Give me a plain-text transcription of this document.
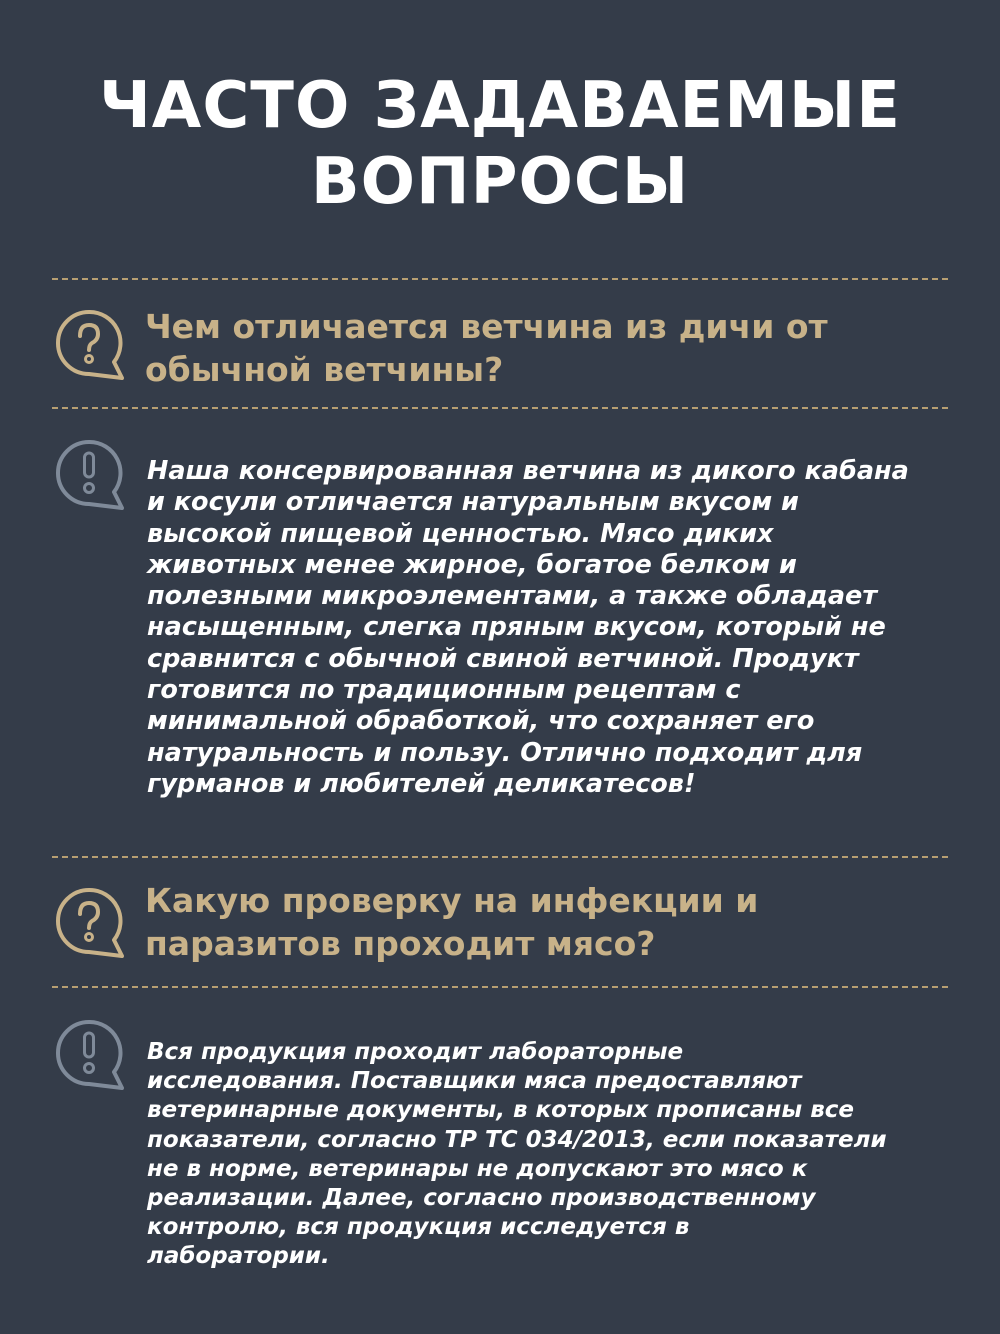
ЧАСТО ЗАДАВАЕМЫЕ
ВОПРОСЫ
Чем отличается ветчина из дичи от
обычной ветчины?
Наша консервированная ветчина из дикого кабана
и косули отличается натуральным вкусом и
высокой пищевой ценностью. Мясо диких
животных менее жирное, богатое белком и
полезными микроэлементами, а также обладает
насыщенным, слегка пряным вкусом, который не
сравнится с обычной свиной ветчиной. Продукт
готовится по традиционным рецептам с
минимальной обработкой, что сохраняет его
натуральность и пользу. Отлично подходит для
гурманов и любителей деликатесов!
Какую проверку на инфекции и
паразитов проходит мясо?
Вся продукция проходит лабораторные
исследования. Поставщики мяса предоставляют
ветеринарные документы, в которых прописаны все
показатели, согласно ТР ТС 034/2013, если показатели
не в норме, ветеринары не допускают это мясо к
реализации. Далее, согласно производственному
контролю, вся продукция исследуется в
лаборатории.
